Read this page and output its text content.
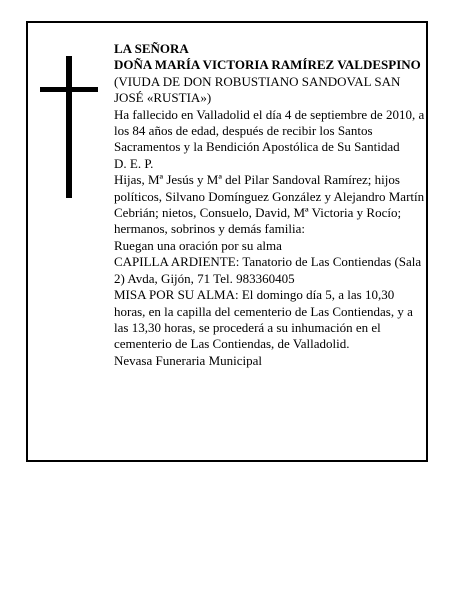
LA SEÑORA
DOÑA MARÍA VICTORIA RAMÍREZ VALDESPINO
(VIUDA DE DON ROBUSTIANO SANDOVAL SAN JOSÉ «RUSTIA»)
Ha fallecido en Valladolid el día 4 de septiembre de 2010, a los 84 años de edad, después de recibir los Santos Sacramentos y la Bendición Apostólica de Su Santidad
D. E. P.
Hijas, Mª Jesús y Mª del Pilar Sandoval Ramírez; hijos políticos, Silvano Domínguez González y Alejandro Martín Cebrián; nietos, Consuelo, David, Mª Victoria y Rocío; hermanos, sobrinos y demás familia:
Ruegan una oración por su alma
CAPILLA ARDIENTE: Tanatorio de Las Contiendas (Sala 2) Avda, Gijón, 71 Tel. 983360405
MISA POR SU ALMA: El domingo día 5, a las 10,30 horas, en la capilla del cementerio de Las Contiendas, y a las 13,30 horas, se procederá a su inhumación en el cementerio de Las Contiendas, de Valladolid.
Nevasa Funeraria Municipal
